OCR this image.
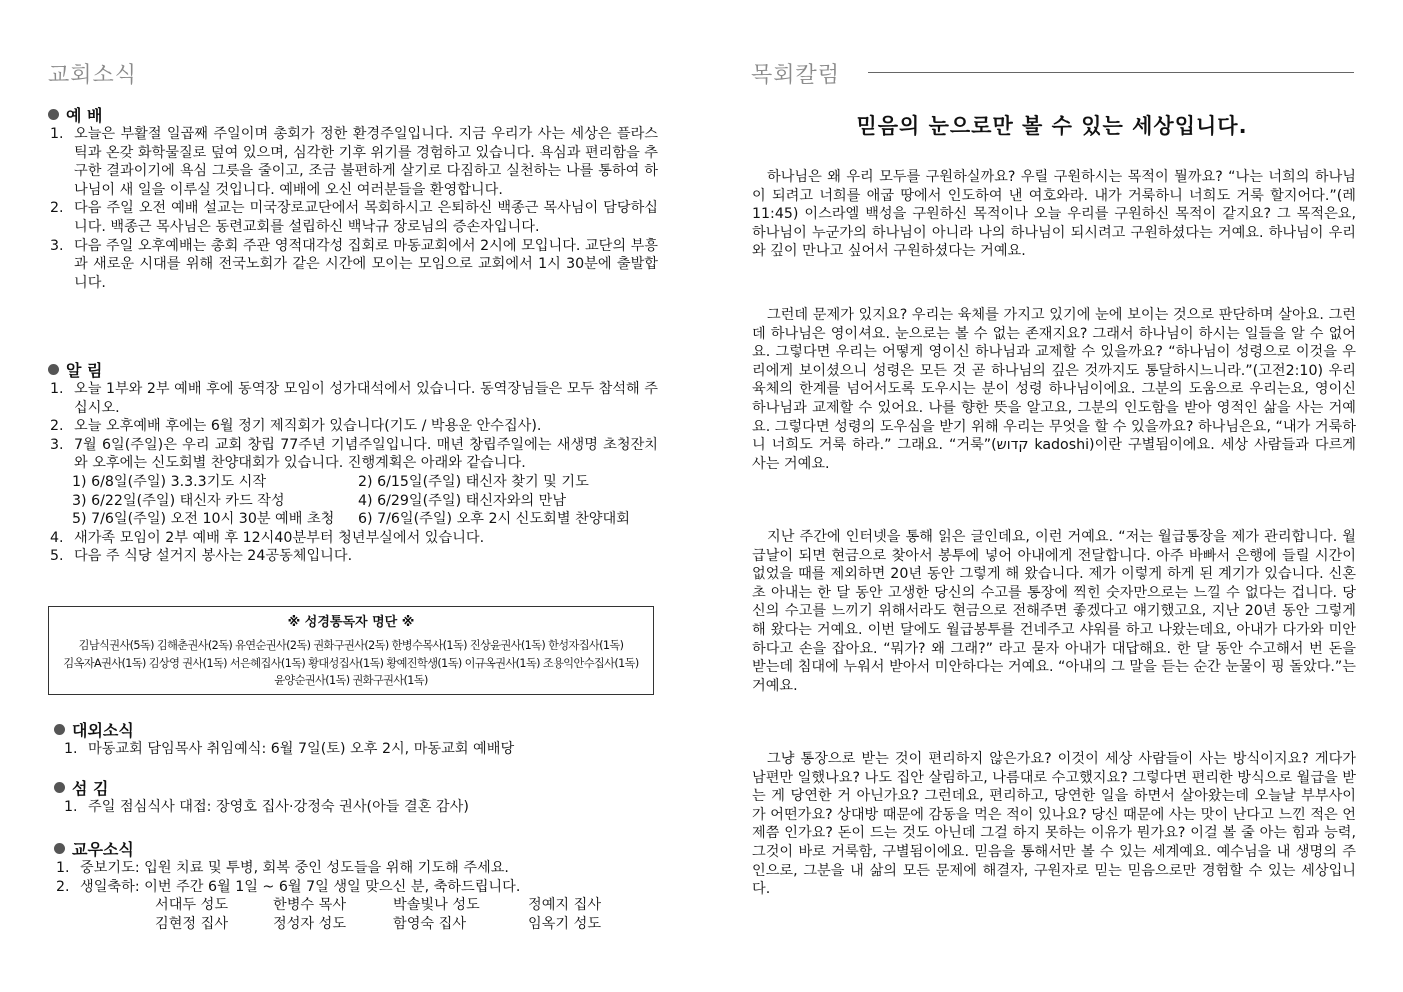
교회소식
예 배
1. 오늘은 부활절 일곱째 주일이며 총회가 정한 환경주일입니다. 지금 우리가 사는 세상은 플라스틱과 온갖 화학물질로 덮여 있으며, 심각한 기후 위기를 경험하고 있습니다. 욕심과 편리함을 추구한 결과이기에 욕심 그릇을 줄이고, 조금 불편하게 살기로 다짐하고 실천하는 나를 통하여 하나님이 새 일을 이루실 것입니다. 예배에 오신 여러분들을 환영합니다.
2. 다음 주일 오전 예배 설교는 미국장로교단에서 목회하시고 은퇴하신 백종근 목사님이 담당하십니다. 백종근 목사님은 동련교회를 설립하신 백낙규 장로님의 증손자입니다.
3. 다음 주일 오후예배는 총회 주관 영적대각성 집회로 마동교회에서 2시에 모입니다. 교단의 부흥과 새로운 시대를 위해 전국노회가 같은 시간에 모이는 모임으로 교회에서 1시 30분에 출발합니다.
알 림
1. 오늘 1부와 2부 예배 후에 동역장 모임이 성가대석에서 있습니다. 동역장님들은 모두 참석해 주십시오.
2. 오늘 오후예배 후에는 6월 정기 제직회가 있습니다(기도 / 박용운 안수집사).
3. 7월 6일(주일)은 우리 교회 창립 77주년 기념주일입니다. 매년 창립주일에는 새생명 초청잔치와 오후에는 신도회별 찬양대회가 있습니다. 진행계획은 아래와 같습니다.
1) 6/8일(주일) 3.3.3기도 시작	2) 6/15일(주일) 태신자 찾기 및 기도
3) 6/22일(주일) 태신자 카드 작성	4) 6/29일(주일) 태신자와의 만남
5) 7/6일(주일) 오전 10시 30분 예배 초청	6) 7/6일(주일) 오후 2시 신도회별 찬양대회
4. 새가족 모임이 2부 예배 후 12시40분부터 청년부실에서 있습니다.
5. 다음 주 식당 설거지 봉사는 24공동체입니다.
※ 성경통독자 명단 ※
김남식권사(5독) 김해춘권사(2독) 유연순권사(2독) 권화구권사(2독) 한병수목사(1독) 진상윤권사(1독) 한성자집사(1독)
김옥자A권사(1독) 김상영 권사(1독) 서은혜집사(1독) 황대성집사(1독) 황예진학생(1독) 이규옥권사(1독) 조용익안수집사(1독)
윤양순권사(1독) 권화구권사(1독)
대외소식
1. 마동교회 담임목사 취임예식: 6월 7일(토) 오후 2시, 마동교회 예배당
섬 김
1. 주일 점심식사 대접: 장영호 집사·강정숙 권사(아들 결혼 감사)
교우소식
1. 중보기도: 입원 치료 및 투병, 회복 중인 성도들을 위해 기도해 주세요.
2. 생일축하: 이번 주간 6월 1일 ~ 6월 7일 생일 맞으신 분, 축하드립니다.
서대두 성도	한병수 목사	박솔빛나 성도	정예지 집사
김현정 집사	정성자 성도	함영숙 집사	임옥기 성도
목회칼럼
믿음의 눈으로만 볼 수 있는 세상입니다.
하나님은 왜 우리 모두를 구원하실까요? 우릴 구원하시는 목적이 뭘까요? “나는 너희의 하나님이 되려고 너희를 애굽 땅에서 인도하여 낸 여호와라. 내가 거룩하니 너희도 거룩 할지어다.”(레11:45) 이스라엘 백성을 구원하신 목적이나 오늘 우리를 구원하신 목적이 같지요? 그 목적은요, 하나님이 누군가의 하나님이 아니라 나의 하나님이 되시려고 구원하셨다는 거예요. 하나님이 우리와 깊이 만나고 싶어서 구원하셨다는 거예요.
그런데 문제가 있지요? 우리는 육체를 가지고 있기에 눈에 보이는 것으로 판단하며 살아요. 그런데 하나님은 영이셔요. 눈으로는 볼 수 없는 존재지요? 그래서 하나님이 하시는 일들을 알 수 없어요. 그렇다면 우리는 어떻게 영이신 하나님과 교제할 수 있을까요? “하나님이 성령으로 이것을 우리에게 보이셨으니 성령은 모든 것 곧 하나님의 깊은 것까지도 통달하시느니라.”(고전2:10) 우리 육체의 한계를 넘어서도록 도우시는 분이 성령 하나님이에요. 그분의 도움으로 우리는요, 영이신 하나님과 교제할 수 있어요. 나를 향한 뜻을 알고요, 그분의 인도함을 받아 영적인 삶을 사는 거예요. 그렇다면 성령의 도우심을 받기 위해 우리는 무엇을 할 수 있을까요? 하나님은요, “내가 거룩하니 너희도 거룩 하라.” 그래요. “거룩”(קדוש kadoshi)이란 구별됨이에요. 세상 사람들과 다르게 사는 거예요.
지난 주간에 인터넷을 통해 읽은 글인데요, 이런 거예요. “저는 월급통장을 제가 관리합니다. 월급날이 되면 현금으로 찾아서 봉투에 넣어 아내에게 전달합니다. 아주 바빠서 은행에 들릴 시간이 없었을 때를 제외하면 20년 동안 그렇게 해 왔습니다. 제가 이렇게 하게 된 계기가 있습니다. 신혼 초 아내는 한 달 동안 고생한 당신의 수고를 통장에 찍힌 숫자만으로는 느낄 수 없다는 겁니다. 당신의 수고를 느끼기 위해서라도 현금으로 전해주면 좋겠다고 얘기했고요, 지난 20년 동안 그렇게 해 왔다는 거예요. 이번 달에도 월급봉투를 건네주고 샤워를 하고 나왔는데요, 아내가 다가와 미안하다고 손을 잡아요. “뭐가? 왜 그래?” 라고 묻자 아내가 대답해요. 한 달 동안 수고해서 번 돈을 받는데 침대에 누워서 받아서 미안하다는 거예요. “아내의 그 말을 듣는 순간 눈물이 핑 돌았다.”는 거예요.
그냥 통장으로 받는 것이 편리하지 않은가요? 이것이 세상 사람들이 사는 방식이지요? 게다가 남편만 일했나요? 나도 집안 살림하고, 나름대로 수고했지요? 그렇다면 편리한 방식으로 월급을 받는 게 당연한 거 아닌가요? 그런데요, 편리하고, 당연한 일을 하면서 살아왔는데 오늘날 부부사이가 어떤가요? 상대방 때문에 감동을 먹은 적이 있나요? 당신 때문에 사는 맛이 난다고 느낀 적은 언제쯤 인가요? 돈이 드는 것도 아닌데 그걸 하지 못하는 이유가 뭔가요? 이걸 볼 줄 아는 힘과 능력, 그것이 바로 거룩함, 구별됨이에요. 믿음을 통해서만 볼 수 있는 세계예요. 예수님을 내 생명의 주인으로, 그분을 내 삶의 모든 문제에 해결자, 구원자로 믿는 믿음으로만 경험할 수 있는 세상입니다.
